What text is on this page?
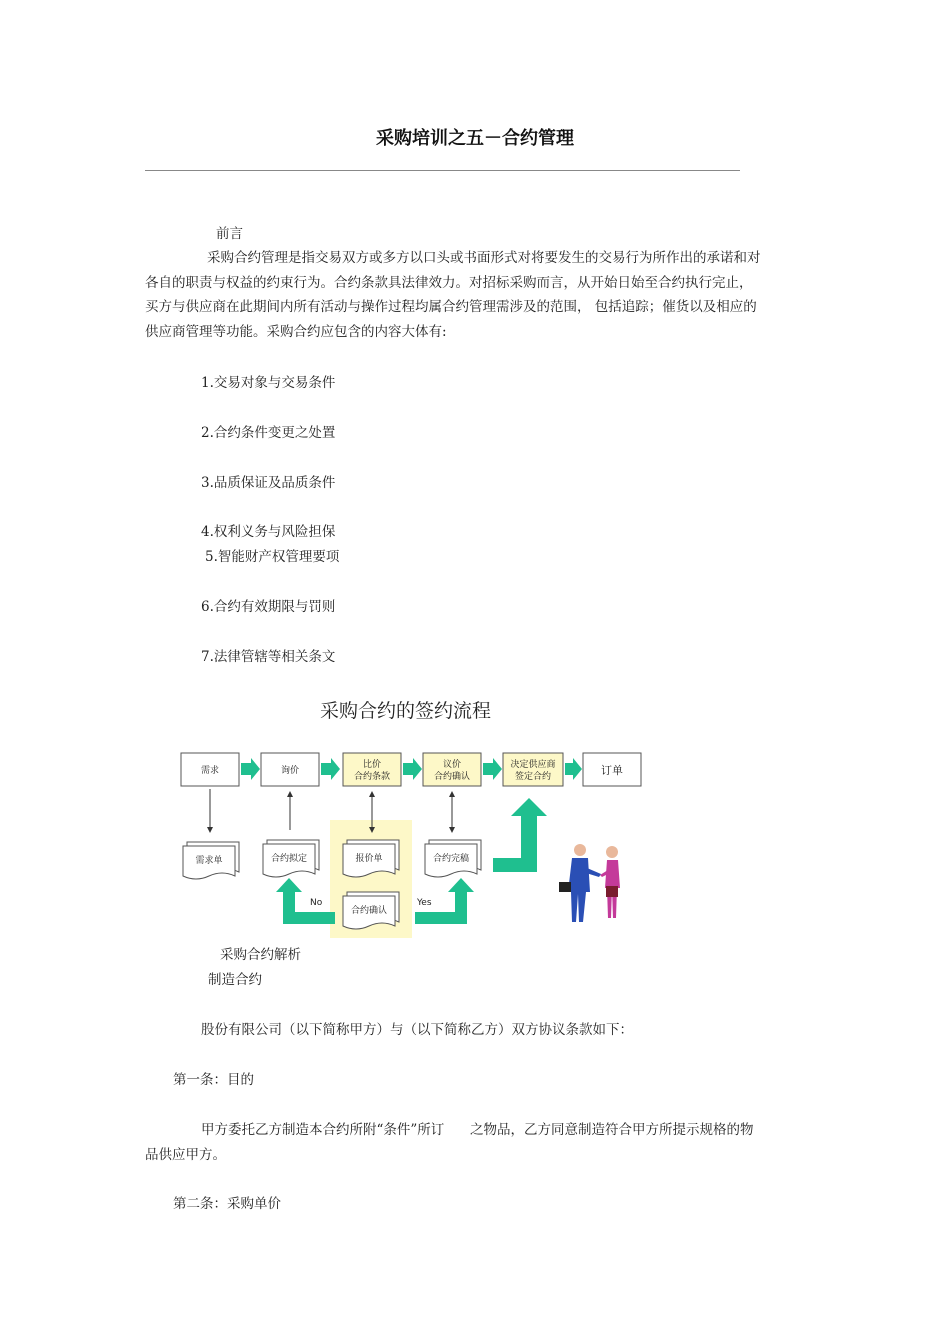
采购培训之五－合约管理
前言
采购合约管理是指交易双方或多方以口头或书面形式对将要发生的交易行为所作出的承诺和对
各自的职责与权益的约束行为。合约条款具法律效力。对招标采购而言，从开始日始至合约执行完止，
买方与供应商在此期间内所有活动与操作过程均属合约管理需涉及的范围， 包括追踪；催货以及相应的
供应商管理等功能。采购合约应包含的内容大体有:
1.交易对象与交易条件
2.合约条件变更之处置
3.品质保证及品质条件
4.权利义务与风险担保
5.智能财产权管理要项
6.合约有效期限与罚则
7.法律管辖等相关条文
采购合约的签约流程
需求	询价
比价
合约条款
议价
合约确认
决定供应商
签定合约	订单
需求单	合约拟定	报价单	合约完稿
合约确认
No	Yes
采购合约解析
制造合约
股份有限公司（以下简称甲方）与（以下简称乙方）双方协议条款如下：
第一条：目的
甲方委托乙方制造本合约所附“条件”所订      之物品，乙方同意制造符合甲方所提示规格的物
品供应甲方。
第二条：采购单价
